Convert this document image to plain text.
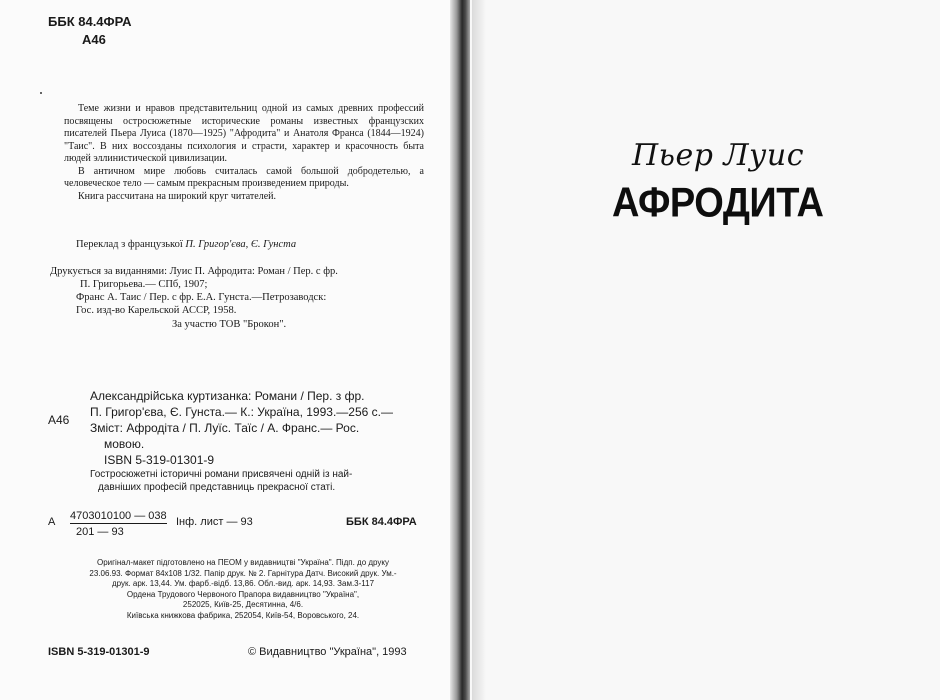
ББК 84.4ФРА
А46

Теме жизни и нравов представительниц одной из самых древних профессий посвящены остросюжетные исторические романы известных французских писателей Пьера Луиса (1870—1925) "Афродита" и Анатоля Франса (1844—1924) "Таис". В них воссозданы психология и страсти, характер и красочность быта людей эллинистической цивилизации.

В античном мире любовь считалась самой большой добродетелью, а человеческое тело — самым прекрасным произведением природы.

Книга рассчитана на широкий круг читателей.

Переклад з французької П. Григор'єва, Є. Гунста
Друкується за виданнями: Луис П. Афродита: Роман / Пер. с фр.
П. Григорьева.— СПб, 1907;
Франс А. Таис / Пер. с фр. Е.А. Гунста.—Петрозаводск:
Гос. изд-во Карельской АССР, 1958.
За участю ТОВ "Брокон".
А46
Александрійська куртизанка: Романи / Пер. з фр.
П. Григор'єва, Є. Гунста.— К.: Україна, 1993.—256 с.—
Зміст: Афродіта / П. Луїс. Таїс / А. Франс.— Рос.
мовою.
ISBN 5-319-01301-9
Гостросюжетні історичні романи присвячені одній із най-
давніших професій представниць прекрасної статі.
А
$\frac{4703010100 — 038}{201 — 93}$
Інф. лист — 93	ББК 84.4ФРА
Оригінал-макет підготовлено на ПЕОМ у видавництві "Україна". Підп. до друку
23.06.93. Формат 84х108 1/32. Папір друк. № 2. Гарнітура Датч. Високий друк. Ум.-
друк. арк. 13,44. Ум. фарб.-відб. 13,86. Обл.-вид. арк. 14,93. Зам.3-117
Ордена Трудового Червоного Прапора видавництво "Україна",
252025, Київ-25, Десятинна, 4/6.
Київська книжкова фабрика, 252054, Київ-54, Воровського, 24.
ISBN 5-319-01301-9	© Видавництво "Україна", 1993
Пьер Луис
АФРОДИТА
